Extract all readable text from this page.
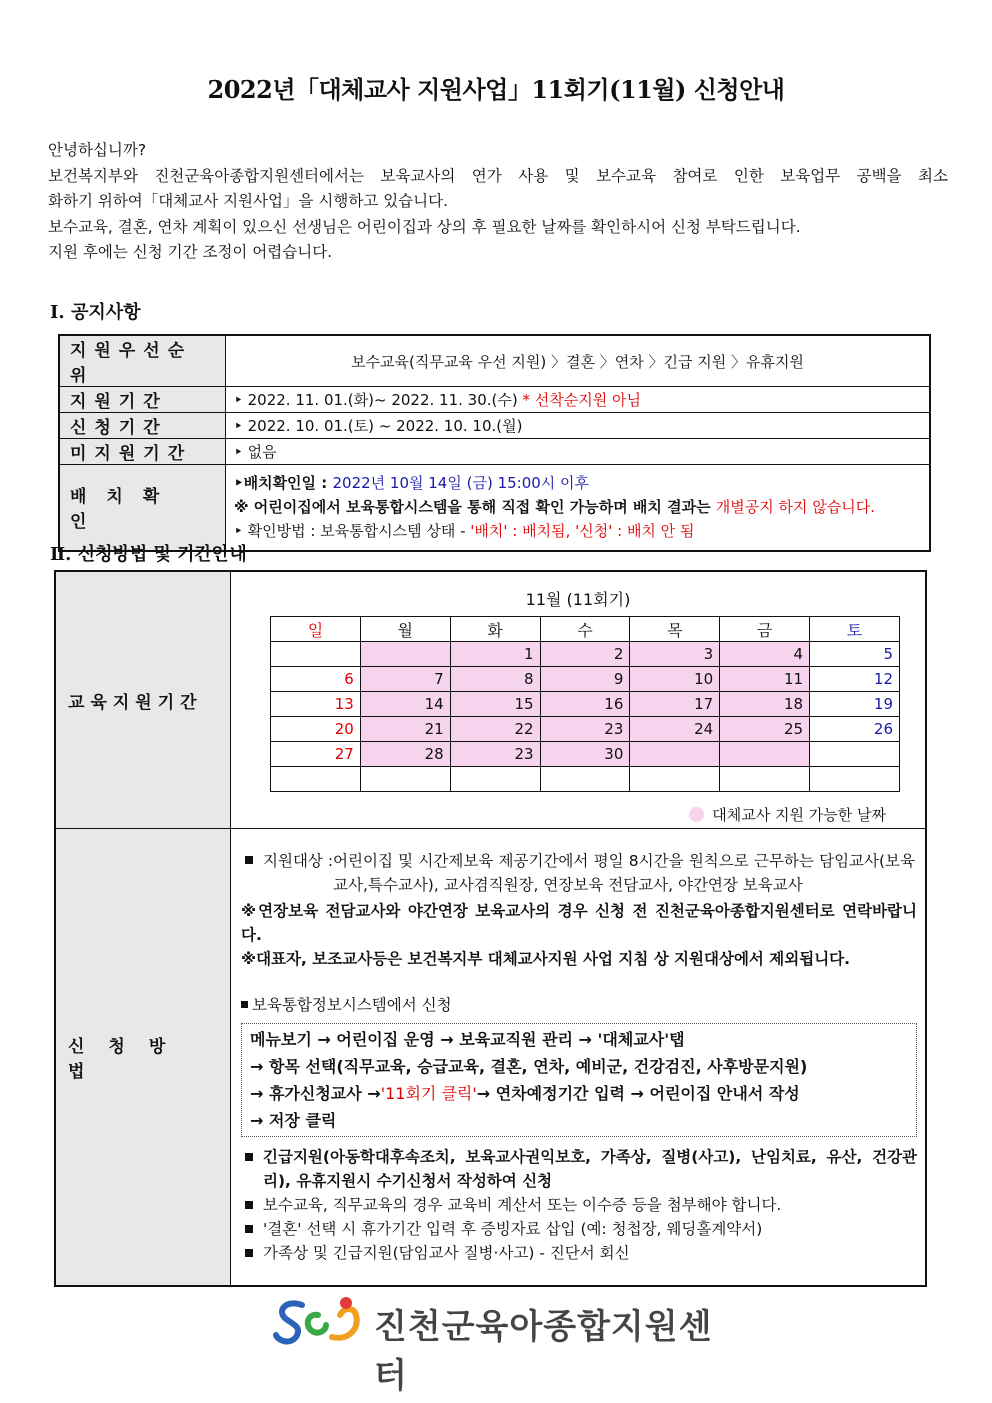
2022년「대체교사 지원사업」11회기(11월) 신청안내

안녕하십니까?

보건복지부와 진천군육아종합지원센터에서는 보육교사의 연가 사용 및 보수교육 참여로 인한 보육업무 공백을 최소

화하기 위하여「대체교사 지원사업」을 시행하고 있습니다.

보수교육, 결혼, 연차 계획이 있으신 선생님은 어린이집과 상의 후 필요한 날짜를 확인하시어 신청 부탁드립니다.

지원 후에는 신청 기간 조정이 어렵습니다.

Ⅰ. 공지사항
지원우선순위	보수교육(직무교육 우선 지원) 〉결혼 〉연차 〉긴급 지원 〉유휴지원
지원기간	‣ 2022. 11. 01.(화)~ 2022. 11. 30.(수) * 선착순지원 아님
신청기간	‣ 2022. 10. 01.(토) ~ 2022. 10. 10.(월)
미지원기간	‣ 없음
배치확인	‣배치확인일 : 2022년 10월 14일 (금) 15:00시 이후
※ 어린이집에서 보육통합시스템을 통해 직접 확인 가능하며 배치 결과는 개별공지 하지 않습니다.
‣ 확인방법 : 보육통합시스템 상태 - '배치' : 배치됨, '신청' : 배치 안 됨
Ⅱ. 신청방법 및 기간안내
교육지원기간	
11월 (11회기)
일	월	화	수	목	금	토
		1	2	3	4	5
6	7	8	9	10	11	12
13	14	15	16	17	18	19
20	21	22	23	24	25	26
27	28	23	30			

대체교사 지원 가능한 날짜

신청방법	
지원대상 : 어린이집 및 시간제보육 제공기간에서 평일 8시간을 원칙으로 근무하는 담임교사(보육교사,특수교사), 교사겸직원장, 연장보육 전담교사, 야간연장 보육교사

※연장보육 전담교사와 야간연장 보육교사의 경우 신청 전 진천군육아종합지원센터로 연락바랍니다.

※대표자, 보조교사등은 보건복지부 대체교사지원 사업 지침 상 지원대상에서 제외됩니다.

보육통합정보시스템에서 신청

메뉴보기 → 어린이집 운영 → 보육교직원 관리 → '대체교사'탭
→ 항목 선택(직무교육, 승급교육, 결혼, 연차, 예비군, 건강검진, 사후방문지원)
→ 휴가신청교사 →'11회기 클릭'→ 연차예정기간 입력 → 어린이집 안내서 작성
→ 저장 클릭
긴급지원(아동학대후속조치, 보육교사권익보호, 가족상, 질병(사고), 난임치료, 유산, 건강관리), 유휴지원시 수기신청서 작성하여 신청
보수교육, 직무교육의 경우 교육비 계산서 또는 이수증 등을 첨부해야 합니다.
'결혼' 선택 시 휴가기간 입력 후 증빙자료 삽입 (예: 청첩장, 웨딩홀계약서)
가족상 및 긴급지원(담임교사 질병·사고) - 진단서 회신
진천군육아종합지원센터
